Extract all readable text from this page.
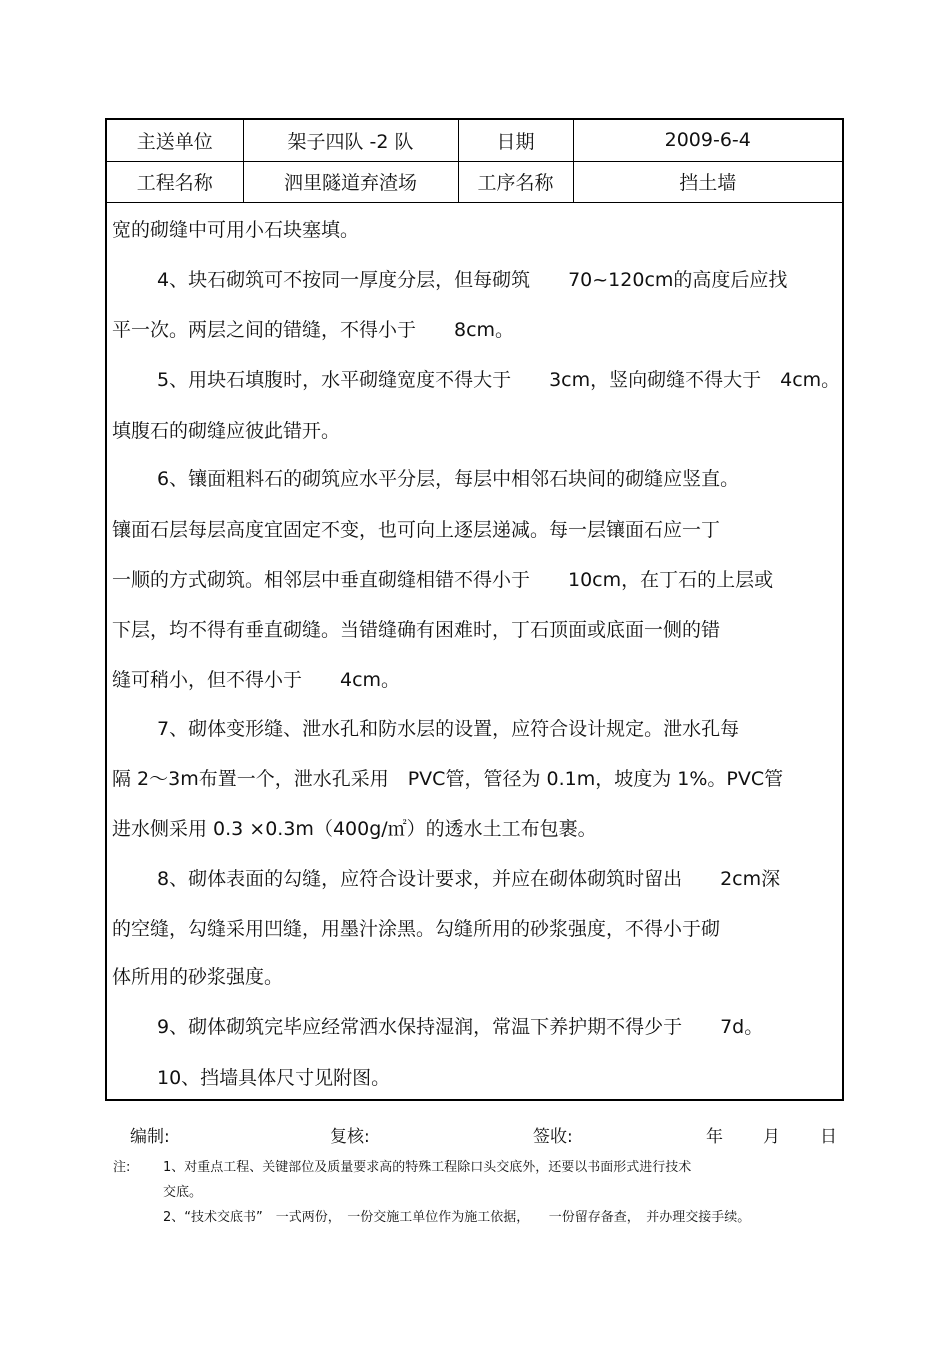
主送单位	架子四队 -2 队	日期	2009-6-4
工程名称	泗里隧道弃渣场	工序名称	挡土墙
宽的砌缝中可用小石块塞填。
4、块石砌筑可不按同一厚度分层，但每砌筑　　70~120cm的高度后应找
平一次。两层之间的错缝，不得小于　　8cm。
5、用块石填腹时，水平砌缝宽度不得大于　　3cm，竖向砌缝不得大于　4cm。
填腹石的砌缝应彼此错开。
6、镶面粗料石的砌筑应水平分层，每层中相邻石块间的砌缝应竖直。
镶面石层每层高度宜固定不变，也可向上逐层递减。每一层镶面石应一丁
一顺的方式砌筑。相邻层中垂直砌缝相错不得小于　　10cm，在丁石的上层或
下层，均不得有垂直砌缝。当错缝确有困难时，丁石顶面或底面一侧的错
缝可稍小，但不得小于　　4cm。
7、砌体变形缝、泄水孔和防水层的设置，应符合设计规定。泄水孔每
隔 2～3m布置一个，泄水孔采用　PVC管，管径为 0.1m，坡度为 1%。PVC管
进水侧采用 0.3 ×0.3m（400g/㎡）的透水土工布包裹。
8、砌体表面的勾缝，应符合设计要求，并应在砌体砌筑时留出　　2cm深
的空缝，勾缝采用凹缝，用墨汁涂黑。勾缝所用的砂浆强度，不得小于砌
体所用的砂浆强度。
9、砌体砌筑完毕应经常洒水保持湿润，常温下养护期不得少于　　7d。
10、挡墙具体尺寸见附图。
编制:	复核:	签收:	年 月 日
注:	1、对重点工程、关键部位及质量要求高的特殊工程除口头交底外，还要以书面形式进行技术
交底。
2、“技术交底书”　一式两份，　一份交施工单位作为施工依据，　　一份留存备查，　并办理交接手续。
